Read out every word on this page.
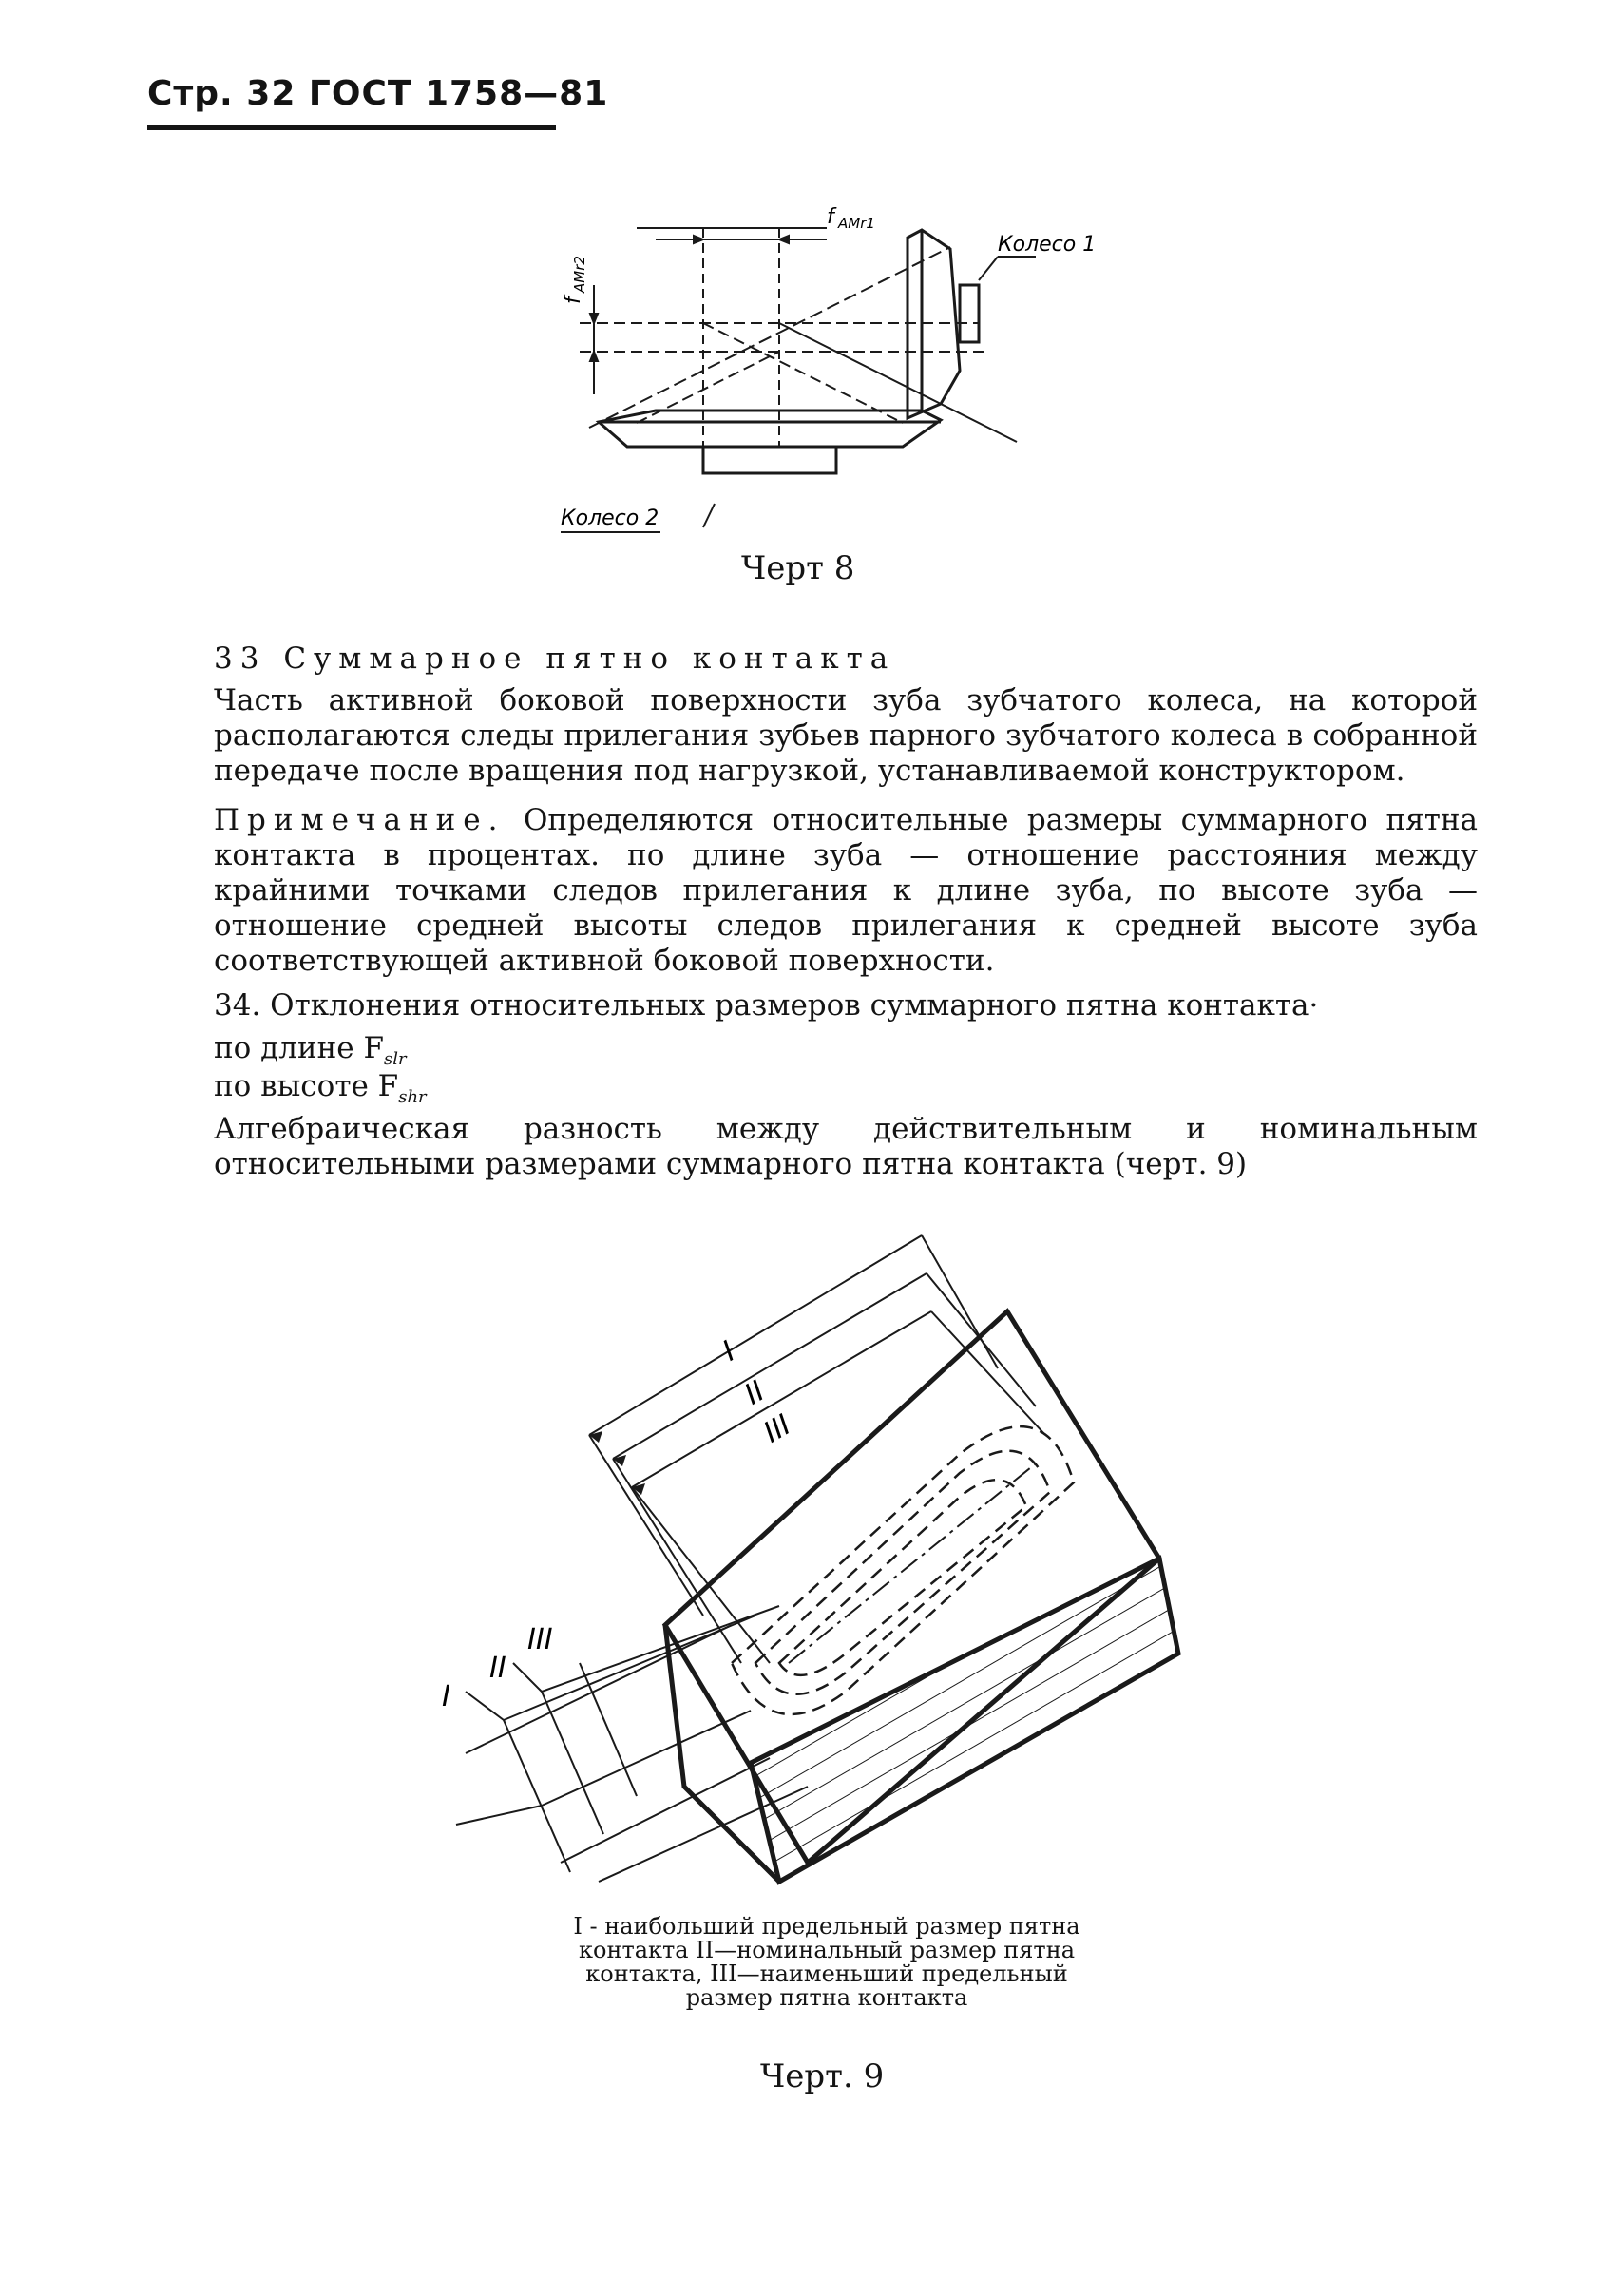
Стр. 32 ГОСТ 1758—81
f AMr1
f
AMr2
Колесо 1
Колесо 2
Черт 8
33 Суммарное пятно контакта
Часть активной боковой поверхности зуба зубчатого колеса, на которой располагаются следы прилегания зубьев парного зубчатого колеса в собранной передаче после вращения под нагрузкой, устанавливаемой конструктором.
Примечание. Определяются относительные размеры суммарного пятна контакта в процентах. по длине зуба — отношение расстояния между крайними точками следов прилегания к длине зуба, по высоте зуба — отношение средней высоты следов прилегания к средней высоте зуба соответствующей активной боковой поверхности.
34. Отклонения относительных размеров суммарного пятна контакта·
по длине $F_{slr}$
по высоте $F_{shr}$
Алгебраическая разность между действительным и номинальным относительными размерами суммарного пятна контакта (черт. 9)
I
II
III
I
II
III
I - наибольший предельный размер пятна контакта II—номинальный размер пятна контакта, III—наименьший предельный размер пятна контакта
Черт. 9
